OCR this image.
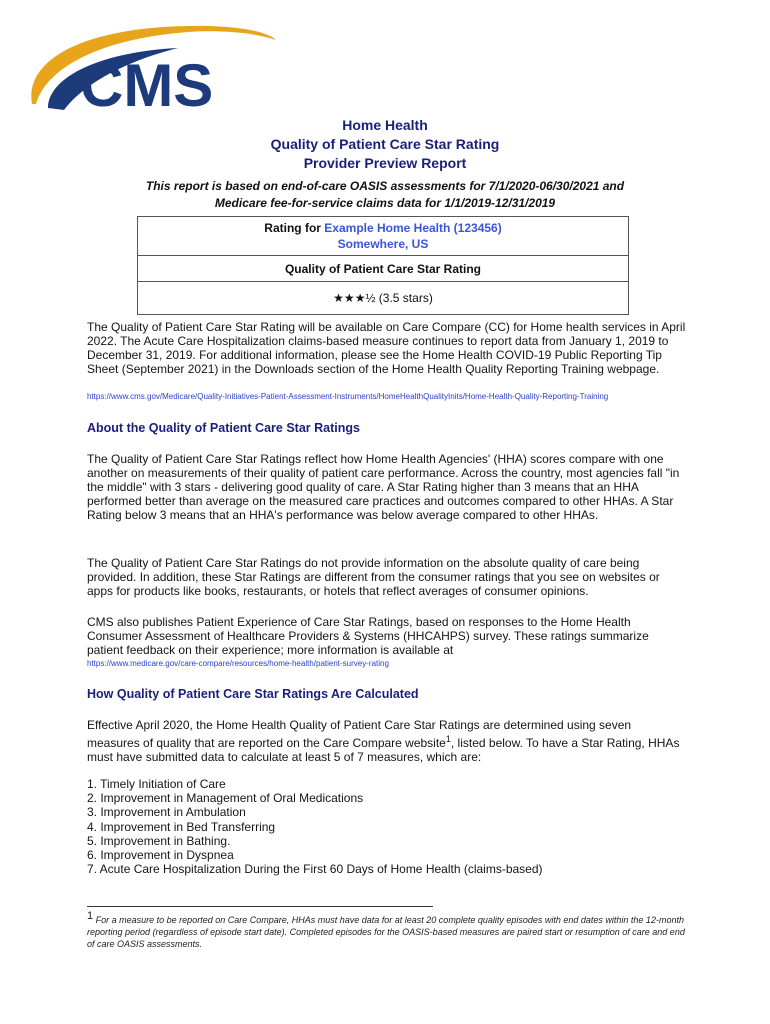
CMS
Home Health
Quality of Patient Care Star Rating
Provider Preview Report
This report is based on end-of-care OASIS assessments for 7/1/2020-06/30/2021 and
Medicare fee-for-service claims data for 1/1/2019-12/31/2019
Rating for Example Home Health (123456)
Somewhere, US
Quality of Patient Care Star Rating
★★★½ (3.5 stars)
The Quality of Patient Care Star Rating will be available on Care Compare (CC) for Home health services in April 2022. The Acute Care Hospitalization claims-based measure continues to report data from January 1, 2019 to December 31, 2019. For additional information, please see the Home Health COVID-19 Public Reporting Tip Sheet (September 2021) in the Downloads section of the Home Health Quality Reporting Training webpage.
https://www.cms.gov/Medicare/Quality-Initiatives-Patient-Assessment-Instruments/HomeHealthQualityInits/Home-Health-Quality-Reporting-Training
About the Quality of Patient Care Star Ratings
The Quality of Patient Care Star Ratings reflect how Home Health Agencies' (HHA) scores compare with one another on measurements of their quality of patient care performance. Across the country, most agencies fall "in the middle" with 3 stars - delivering good quality of care. A Star Rating higher than 3 means that an HHA performed better than average on the measured care practices and outcomes compared to other HHAs. A Star Rating below 3 means that an HHA's performance was below average compared to other HHAs.
The Quality of Patient Care Star Ratings do not provide information on the absolute quality of care being provided. In addition, these Star Ratings are different from the consumer ratings that you see on websites or apps for products like books, restaurants, or hotels that reflect averages of consumer opinions.
CMS also publishes Patient Experience of Care Star Ratings, based on responses to the Home Health Consumer Assessment of Healthcare Providers & Systems (HHCAHPS) survey. These ratings summarize patient feedback on their experience; more information is available at
https://www.medicare.gov/care-compare/resources/home-health/patient-survey-rating
How Quality of Patient Care Star Ratings Are Calculated
Effective April 2020, the Home Health Quality of Patient Care Star Ratings are determined using seven measures of quality that are reported on the Care Compare website$^1$, listed below. To have a Star Rating, HHAs must have submitted data to calculate at least 5 of 7 measures, which are:
1. Timely Initiation of Care
2. Improvement in Management of Oral Medications
3. Improvement in Ambulation
4. Improvement in Bed Transferring
5. Improvement in Bathing.
6. Improvement in Dyspnea
7. Acute Care Hospitalization During the First 60 Days of Home Health (claims-based)
$^1$ For a measure to be reported on Care Compare, HHAs must have data for at least 20 complete quality episodes with end dates within the 12-month reporting period (regardless of episode start date). Completed episodes for the OASIS-based measures are paired start or resumption of care and end of care OASIS assessments.
